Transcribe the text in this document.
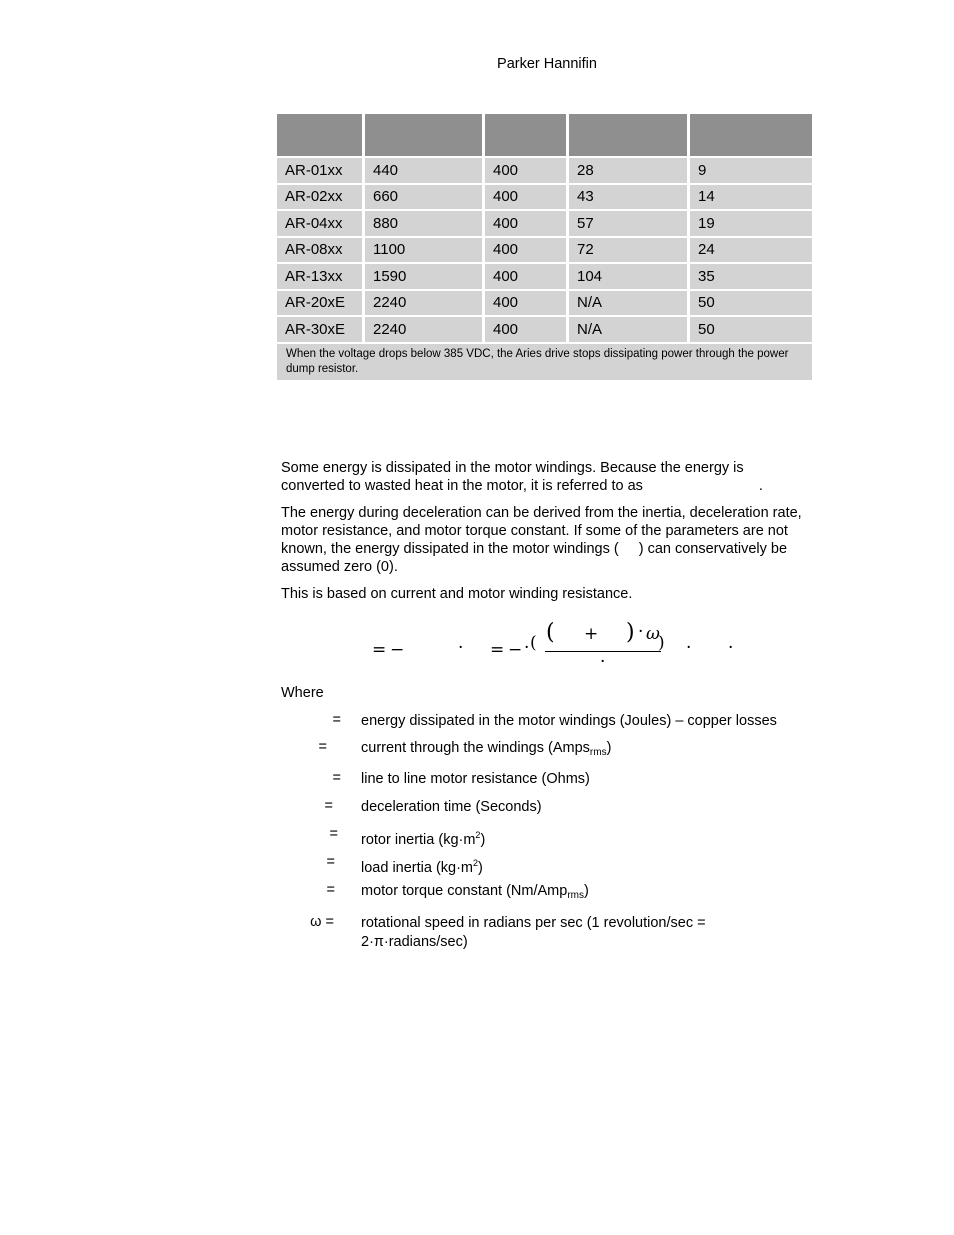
Parker Hannifin
AR-01xx	440	400	28	9
AR-02xx	660	400	43	14
AR-04xx	880	400	57	19
AR-08xx	1100	400	72	24
AR-13xx	1590	400	104	35
AR-20xE	2240	400	N/A	50
AR-30xE	2240	400	N/A	50
When the voltage drops below 385 VDC, the Aries drive stops dissipating power through the power dump resistor.
Some energy is dissipated in the motor windings. Because the energy is
converted to wasted heat in the motor, it is referred to as	.
The energy during deceleration can be derived from the inertia, deceleration rate, motor resistance, and motor torque constant. If some of the parameters are not known, the energy dissipated in the motor windings ( ) can conservatively be assumed zero (0).
This is based on current and motor winding resistance.
= −	· = − · ( ( + ) · ω
·
) · ·
Where
= energy dissipated in the motor windings (Joules) – copper losses
= current through the windings (Amps$_{rms}$)
= line to line motor resistance (Ohms)
= deceleration time (Seconds)
= rotor inertia $(kg\cdot m^2)$
= load inertia $(kg\cdot m^2)$
= motor torque constant (Nm/Amp$_{rms}$)
ω = rotational speed in radians per sec (1 revolution/sec = 2·π·radians/sec)
